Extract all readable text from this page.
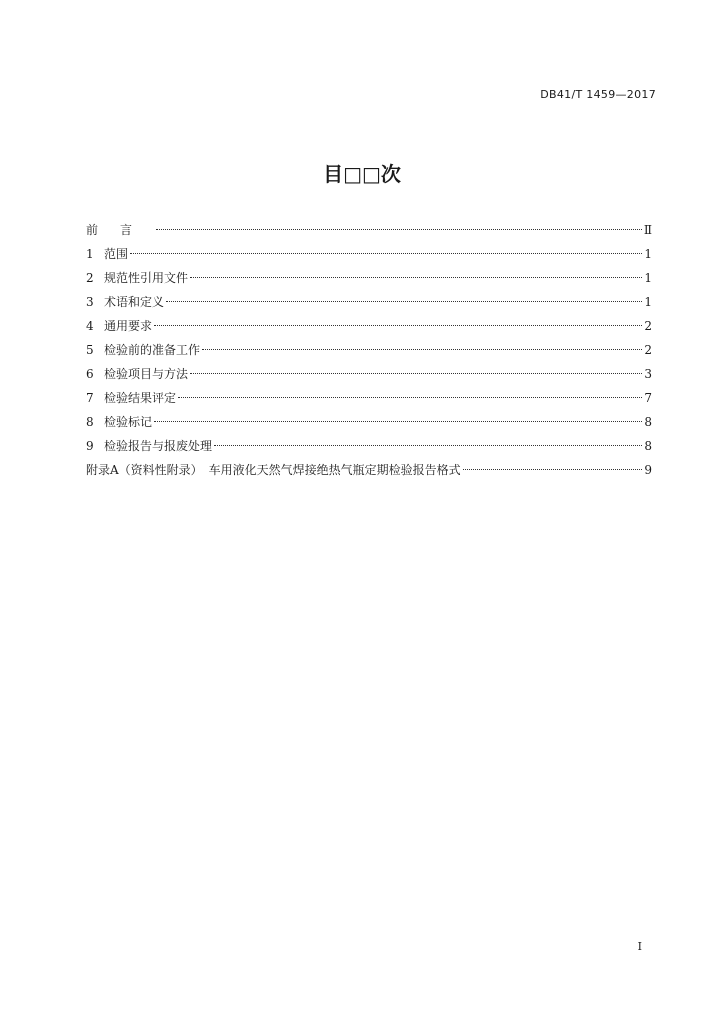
DB41/T 1459—2017
目□□次
前言	Ⅱ
1 范围	1
2 规范性引用文件	1
3 术语和定义	1
4 通用要求	2
5 检验前的准备工作	2
6 检验项目与方法	3
7 检验结果评定	7
8 检验标记	8
9 检验报告与报废处理	8
附录A（资料性附录）　车用液化天然气焊接绝热气瓶定期检验报告格式	9
I
